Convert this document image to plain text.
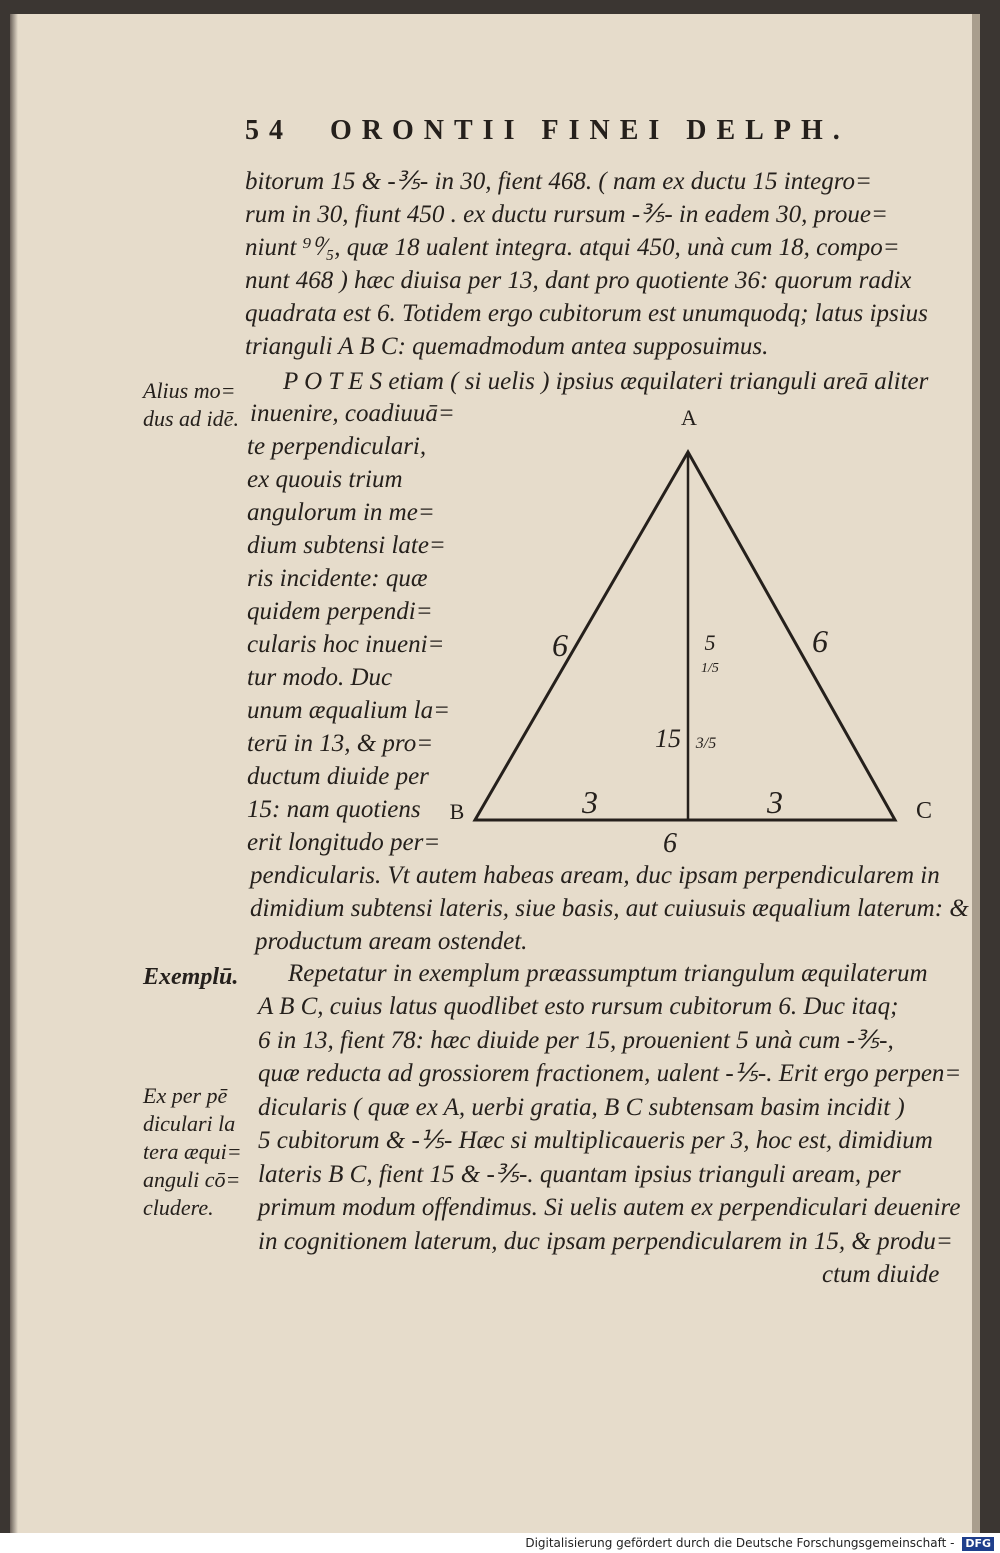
54 ORONTII FINEI DELPH.
bitorum 15 & -⅗- in 30, fient 468. ( nam ex ductu 15 integro=
rum in 30, fiunt 450 . ex ductu rursum -⅗- in eadem 30, proue=
niunt ⁹⁰⁄₅, quæ 18 ualent integra. atqui 450, unà cum 18, compo=
nunt 468 ) hæc diuisa per 13, dant pro quotiente 36: quorum radix
quadrata est 6. Totidem ergo cubitorum est unumquodq; latus ipsius
trianguli A B C: quemadmodum antea supposuimus.
Alius mo=
dus ad idē.
P O T E S etiam ( si uelis ) ipsius æquilateri trianguli areā aliter
inuenire, coadiuuā=
te perpendiculari,
ex quouis trium
angulorum in me=
dium subtensi late=
ris incidente: quæ
quidem perpendi=
cularis hoc inueni=
tur modo. Duc
unum æqualium la=
terū in 13, & pro=
ductum diuide per
15: nam quotiens
erit longitudo per=
A
B	C
6	6
3	3
6
5
1/5
15 3/5
pendicularis. Vt autem habeas aream, duc ipsam perpendicularem in
dimidium subtensi lateris, siue basis, aut cuiusuis æqualium laterum: &
productum aream ostendet.
Exemplū. Repetatur in exemplum præassumptum triangulum æquilaterum
A B C, cuius latus quodlibet esto rursum cubitorum 6. Duc itaq;
6 in 13, fient 78: hæc diuide per 15, prouenient 5 unà cum -⅗-,
quæ reducta ad grossiorem fractionem, ualent -⅕-. Erit ergo perpen=
dicularis ( quæ ex A, uerbi gratia, B C subtensam basim incidit )
5 cubitorum & -⅕- Hæc si multiplicaueris per 3, hoc est, dimidium
lateris B C, fient 15 & -⅗-. quantam ipsius trianguli aream, per
primum modum offendimus. Si uelis autem ex perpendiculari deuenire
in cognitionem laterum, duc ipsam perpendicularem in 15, & produ=
ctum diuide
Ex per pē
diculari la
tera æqui=
anguli cō=
cludere.
Digitalisierung gefördert durch die Deutsche Forschungsgemeinschaft - DFG
